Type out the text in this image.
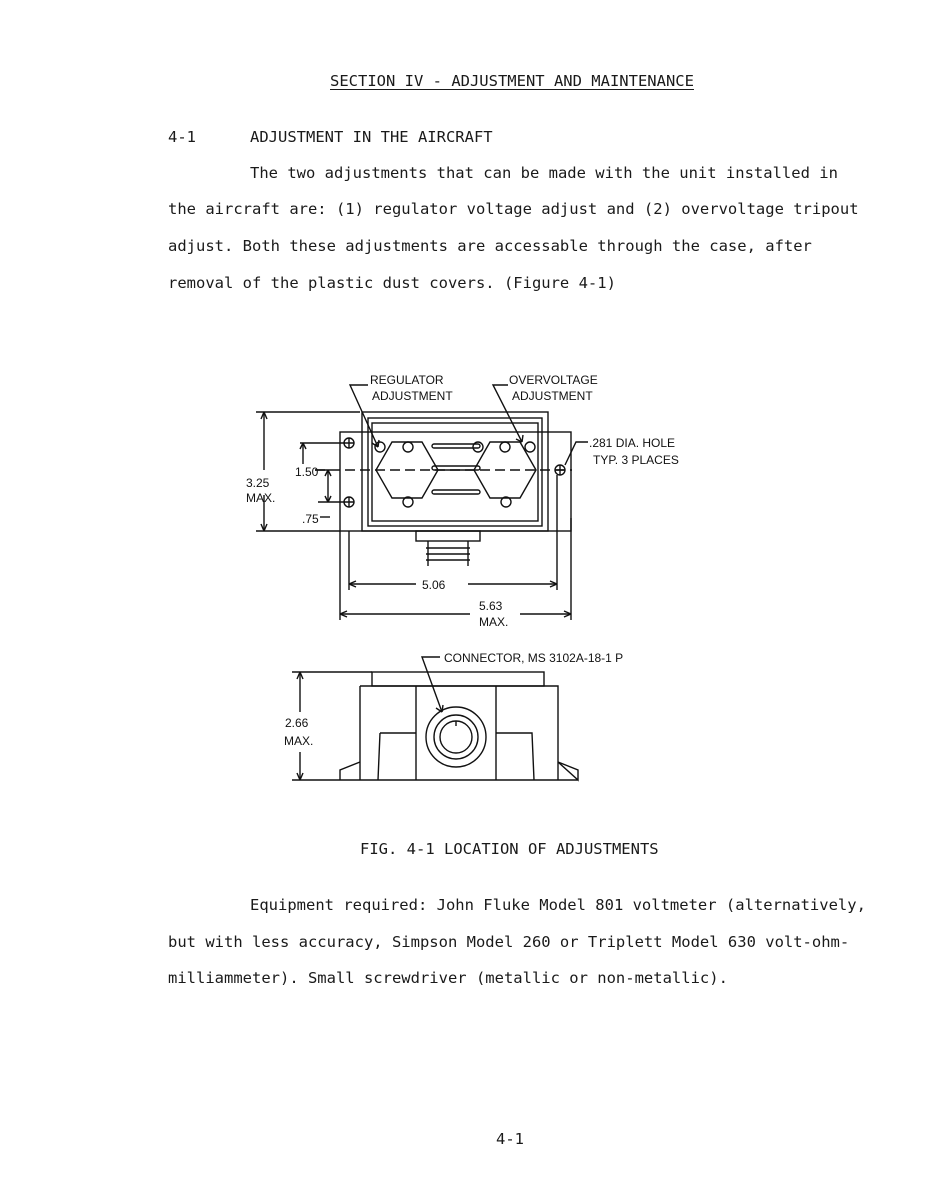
SECTION IV - ADJUSTMENT AND MAINTENANCE
4-1	ADJUSTMENT IN THE AIRCRAFT
The two adjustments that can be made with the unit installed in
the aircraft are: (1) regulator voltage adjust and (2) overvoltage tripout
adjust. Both these adjustments are accessable through the case, after
removal of the plastic dust covers. (Figure 4-1)
REGULATOR
ADJUSTMENT
OVERVOLTAGE
ADJUSTMENT
.281 DIA. HOLE
TYP. 3 PLACES
3.25
MAX.
1.50
.75
5.06
5.63
MAX.
CONNECTOR, MS 3102A-18-1 P
2.66
MAX.
FIG. 4-1 LOCATION OF ADJUSTMENTS
Equipment required: John Fluke Model 801 voltmeter (alternatively,
but with less accuracy, Simpson Model 260 or Triplett Model 630 volt-ohm-
milliammeter). Small screwdriver (metallic or non-metallic).
4-1
